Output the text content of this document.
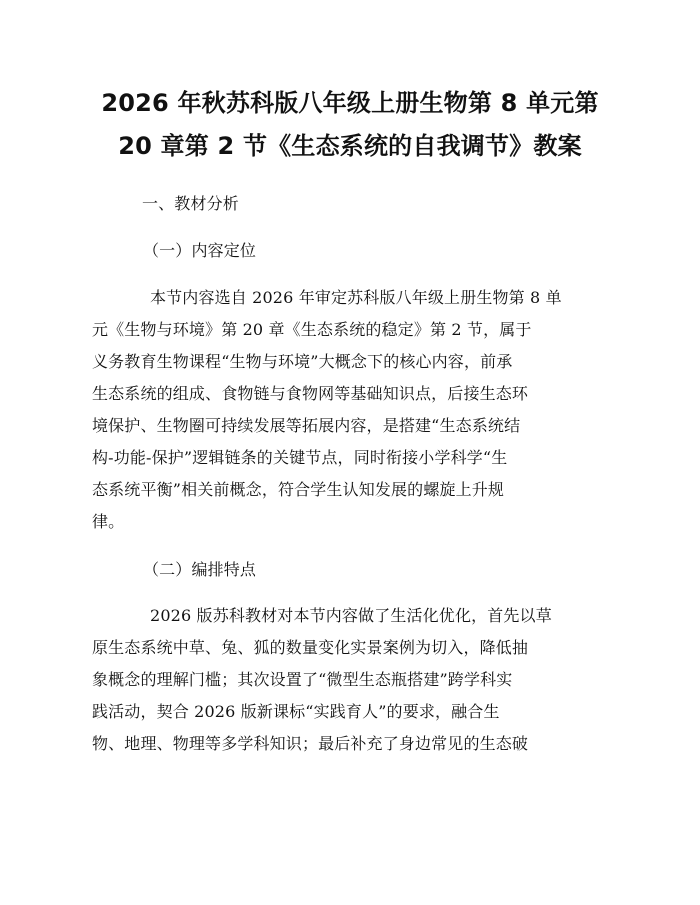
2026 年秋苏科版八年级上册生物第 8 单元第
20 章第 2 节《生态系统的自我调节》教案

一、教材分析

（一）内容定位

本节内容选自 2026 年审定苏科版八年级上册生物第 8 单

元《生物与环境》第 20 章《生态系统的稳定》第 2 节，属于

义务教育生物课程“生物与环境”大概念下的核心内容，前承

生态系统的组成、食物链与食物网等基础知识点，后接生态环

境保护、生物圈可持续发展等拓展内容，是搭建“生态系统结

构-功能-保护”逻辑链条的关键节点，同时衔接小学科学“生

态系统平衡”相关前概念，符合学生认知发展的螺旋上升规

律。

（二）编排特点

2026 版苏科教材对本节内容做了生活化优化，首先以草

原生态系统中草、兔、狐的数量变化实景案例为切入，降低抽

象概念的理解门槛；其次设置了“微型生态瓶搭建”跨学科实

践活动，契合 2026 版新课标“实践育人”的要求，融合生

物、地理、物理等多学科知识；最后补充了身边常见的生态破
